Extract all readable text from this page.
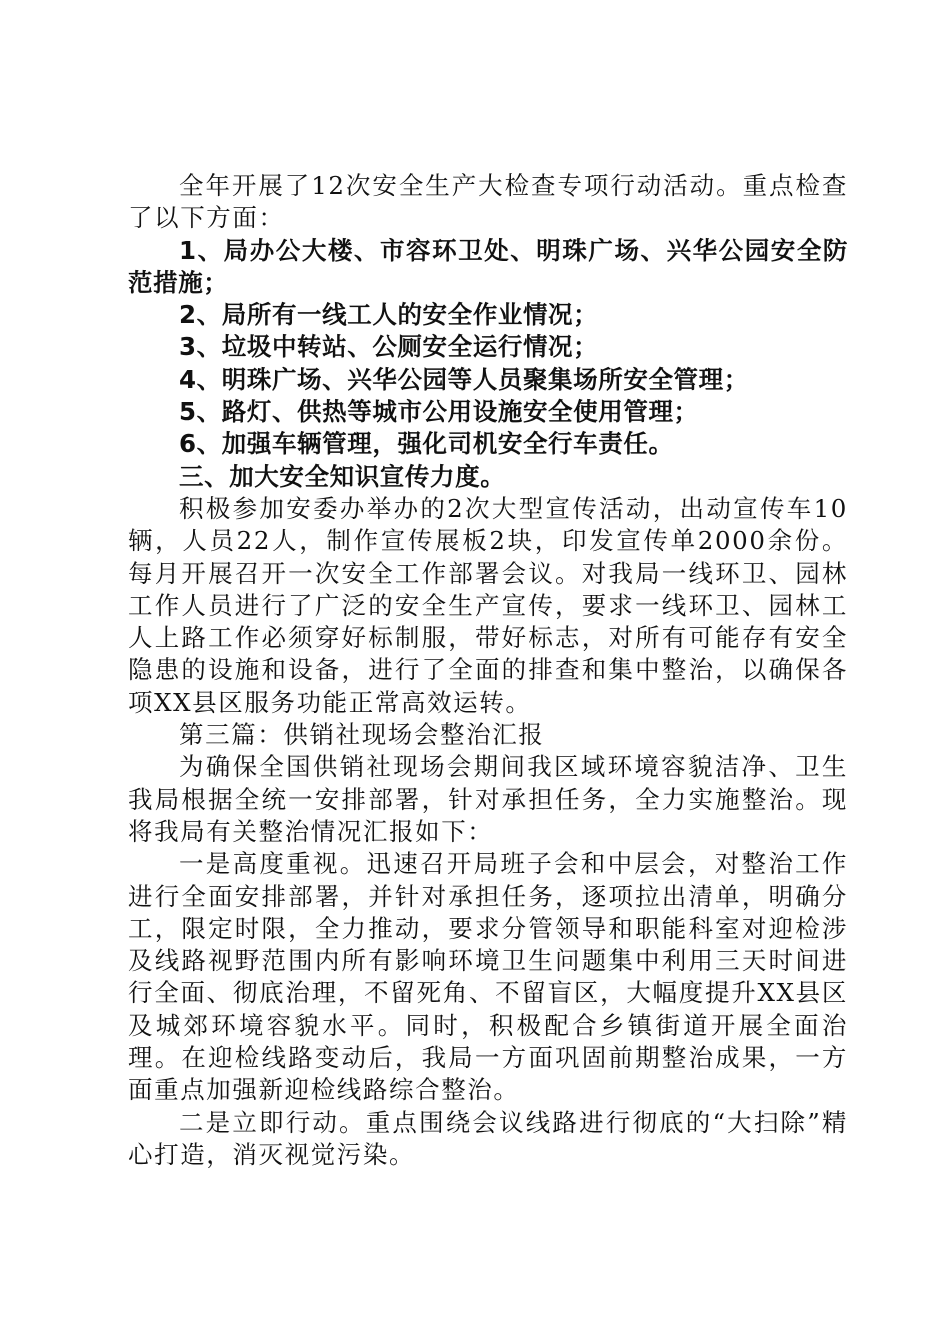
全年开展了12次安全生产大检查专项行动活动。重点检查了以下方面：

1、局办公大楼、市容环卫处、明珠广场、兴华公园安全防范措施；

2、局所有一线工人的安全作业情况；

3、垃圾中转站、公厕安全运行情况；

4、明珠广场、兴华公园等人员聚集场所安全管理；

5、路灯、供热等城市公用设施安全使用管理；

6、加强车辆管理，强化司机安全行车责任。

三、加大安全知识宣传力度。

积极参加安委办举办的2次大型宣传活动，出动宣传车10辆，人员22人，制作宣传展板2块，印发宣传单2000余份。每月开展召开一次安全工作部署会议。对我局一线环卫、园林工作人员进行了广泛的安全生产宣传，要求一线环卫、园林工人上路工作必须穿好标制服，带好标志，对所有可能存有安全隐患的设施和设备，进行了全面的排查和集中整治，以确保各项XX县区服务功能正常高效运转。

第三篇：供销社现场会整治汇报

为确保全国供销社现场会期间我区域环境容貌洁净、卫生我局根据全统一安排部署，针对承担任务，全力实施整治。现将我局有关整治情况汇报如下：

一是高度重视。迅速召开局班子会和中层会，对整治工作进行全面安排部署，并针对承担任务，逐项拉出清单，明确分工，限定时限，全力推动，要求分管领导和职能科室对迎检涉及线路视野范围内所有影响环境卫生问题集中利用三天时间进行全面、彻底治理，不留死角、不留盲区，大幅度提升XX县区及城郊环境容貌水平。同时，积极配合乡镇街道开展全面治理。在迎检线路变动后，我局一方面巩固前期整治成果，一方面重点加强新迎检线路综合整治。

二是立即行动。重点围绕会议线路进行彻底的“大扫除”精心打造，消灭视觉污染。
